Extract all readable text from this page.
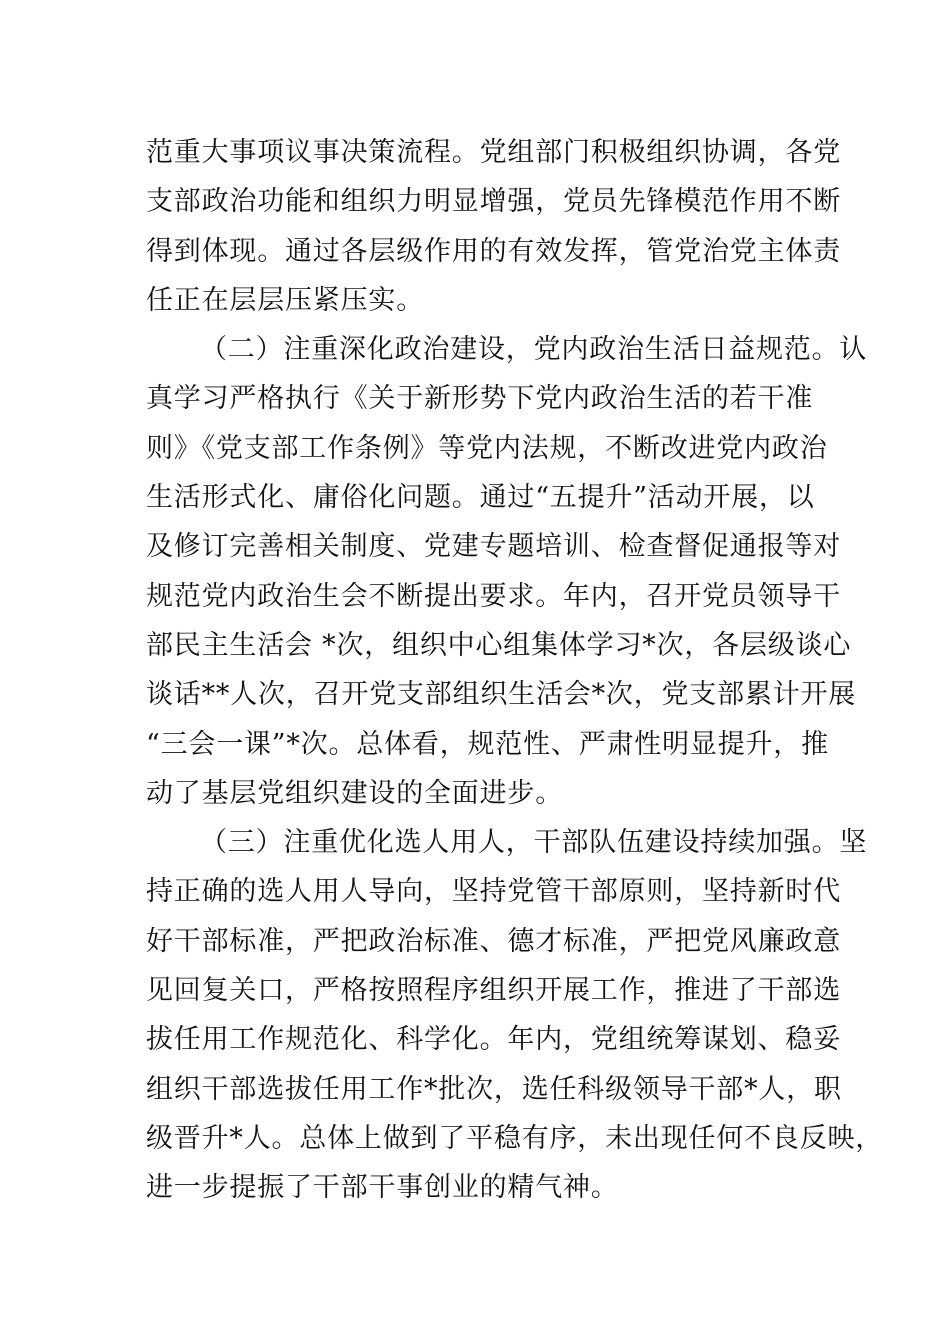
范重大事项议事决策流程。党组部门积极组织协调，各党
支部政治功能和组织力明显增强，党员先锋模范作用不断
得到体现。通过各层级作用的有效发挥，管党治党主体责
任正在层层压紧压实。
（二）注重深化政治建设，党内政治生活日益规范。认
真学习严格执行《关于新形势下党内政治生活的若干准
则》《党支部工作条例》等党内法规，不断改进党内政治
生活形式化、庸俗化问题。通过“五提升”活动开展，以
及修订完善相关制度、党建专题培训、检查督促通报等对
规范党内政治生会不断提出要求。年内，召开党员领导干
部民主生活会 *次，组织中心组集体学习*次，各层级谈心
谈话**人次，召开党支部组织生活会*次，党支部累计开展
“三会一课”*次。总体看，规范性、严肃性明显提升，推
动了基层党组织建设的全面进步。
（三）注重优化选人用人，干部队伍建设持续加强。坚
持正确的选人用人导向，坚持党管干部原则，坚持新时代
好干部标准，严把政治标准、德才标准，严把党风廉政意
见回复关口，严格按照程序组织开展工作，推进了干部选
拔任用工作规范化、科学化。年内，党组统筹谋划、稳妥
组织干部选拔任用工作*批次，选任科级领导干部*人，职
级晋升*人。总体上做到了平稳有序，未出现任何不良反映，
进一步提振了干部干事创业的精气神。
